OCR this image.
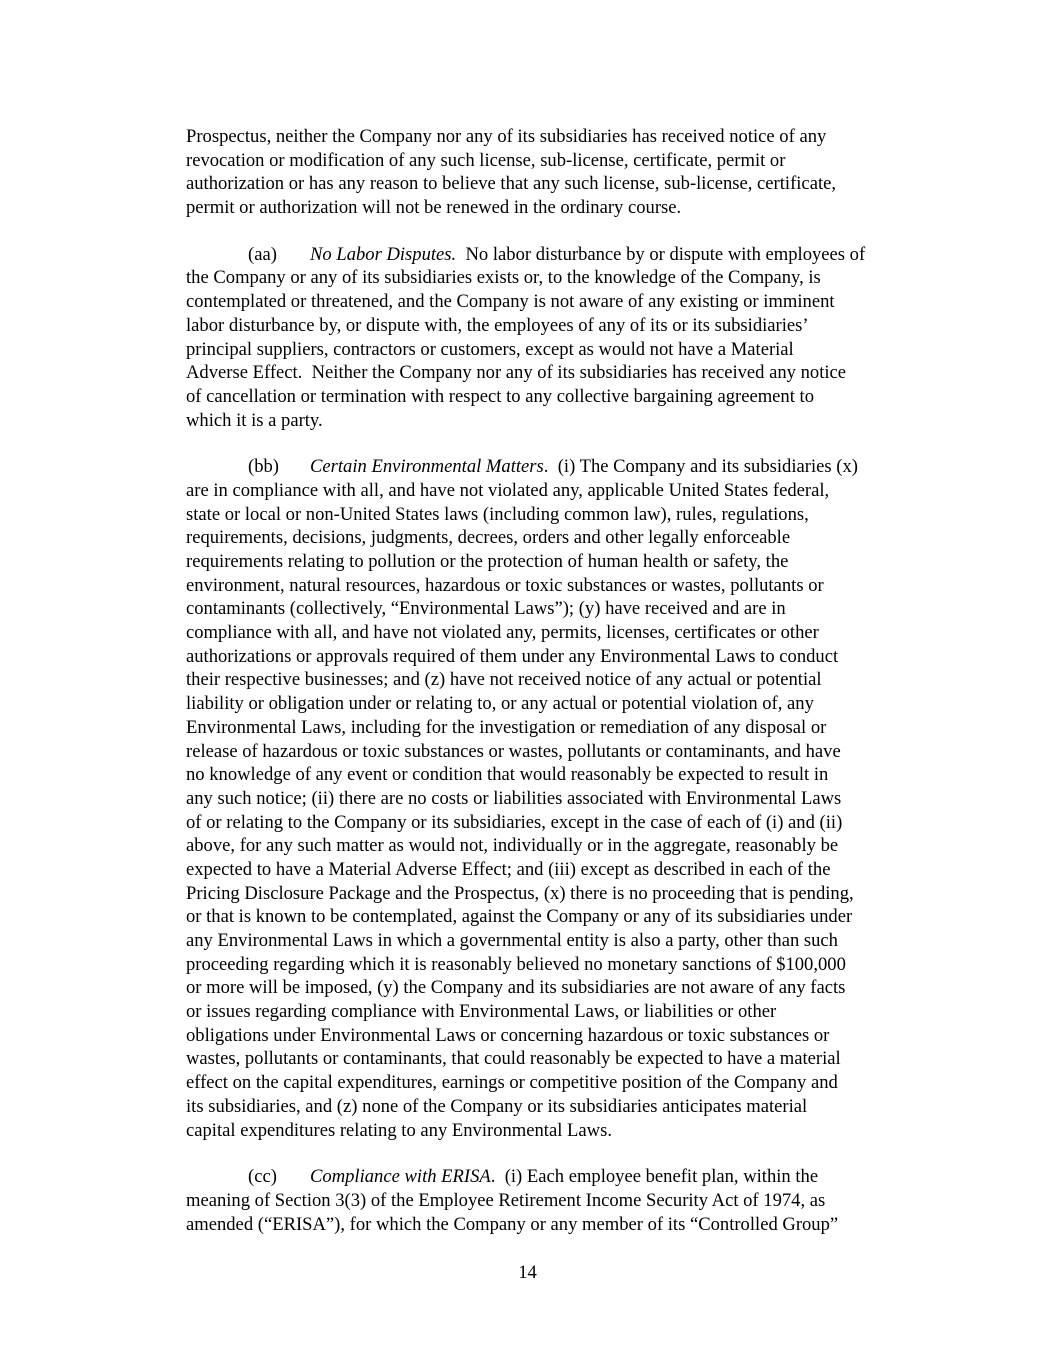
Prospectus, neither the Company nor any of its subsidiaries has received notice of any
revocation or modification of any such license, sub-license, certificate, permit or
authorization or has any reason to believe that any such license, sub-license, certificate,
permit or authorization will not be renewed in the ordinary course.
(aa) No Labor Disputes.  No labor disturbance by or dispute with employees of
the Company or any of its subsidiaries exists or, to the knowledge of the Company, is
contemplated or threatened, and the Company is not aware of any existing or imminent
labor disturbance by, or dispute with, the employees of any of its or its subsidiaries’
principal suppliers, contractors or customers, except as would not have a Material
Adverse Effect.  Neither the Company nor any of its subsidiaries has received any notice
of cancellation or termination with respect to any collective bargaining agreement to
which it is a party.
(bb) Certain Environmental Matters.  (i) The Company and its subsidiaries (x)
are in compliance with all, and have not violated any, applicable United States federal,
state or local or non-United States laws (including common law), rules, regulations,
requirements, decisions, judgments, decrees, orders and other legally enforceable
requirements relating to pollution or the protection of human health or safety, the
environment, natural resources, hazardous or toxic substances or wastes, pollutants or
contaminants (collectively, “Environmental Laws”); (y) have received and are in
compliance with all, and have not violated any, permits, licenses, certificates or other
authorizations or approvals required of them under any Environmental Laws to conduct
their respective businesses; and (z) have not received notice of any actual or potential
liability or obligation under or relating to, or any actual or potential violation of, any
Environmental Laws, including for the investigation or remediation of any disposal or
release of hazardous or toxic substances or wastes, pollutants or contaminants, and have
no knowledge of any event or condition that would reasonably be expected to result in
any such notice; (ii) there are no costs or liabilities associated with Environmental Laws
of or relating to the Company or its subsidiaries, except in the case of each of (i) and (ii)
above, for any such matter as would not, individually or in the aggregate, reasonably be
expected to have a Material Adverse Effect; and (iii) except as described in each of the
Pricing Disclosure Package and the Prospectus, (x) there is no proceeding that is pending,
or that is known to be contemplated, against the Company or any of its subsidiaries under
any Environmental Laws in which a governmental entity is also a party, other than such
proceeding regarding which it is reasonably believed no monetary sanctions of $100,000
or more will be imposed, (y) the Company and its subsidiaries are not aware of any facts
or issues regarding compliance with Environmental Laws, or liabilities or other
obligations under Environmental Laws or concerning hazardous or toxic substances or
wastes, pollutants or contaminants, that could reasonably be expected to have a material
effect on the capital expenditures, earnings or competitive position of the Company and
its subsidiaries, and (z) none of the Company or its subsidiaries anticipates material
capital expenditures relating to any Environmental Laws.
(cc) Compliance with ERISA.  (i) Each employee benefit plan, within the
meaning of Section 3(3) of the Employee Retirement Income Security Act of 1974, as
amended (“ERISA”), for which the Company or any member of its “Controlled Group”
14
